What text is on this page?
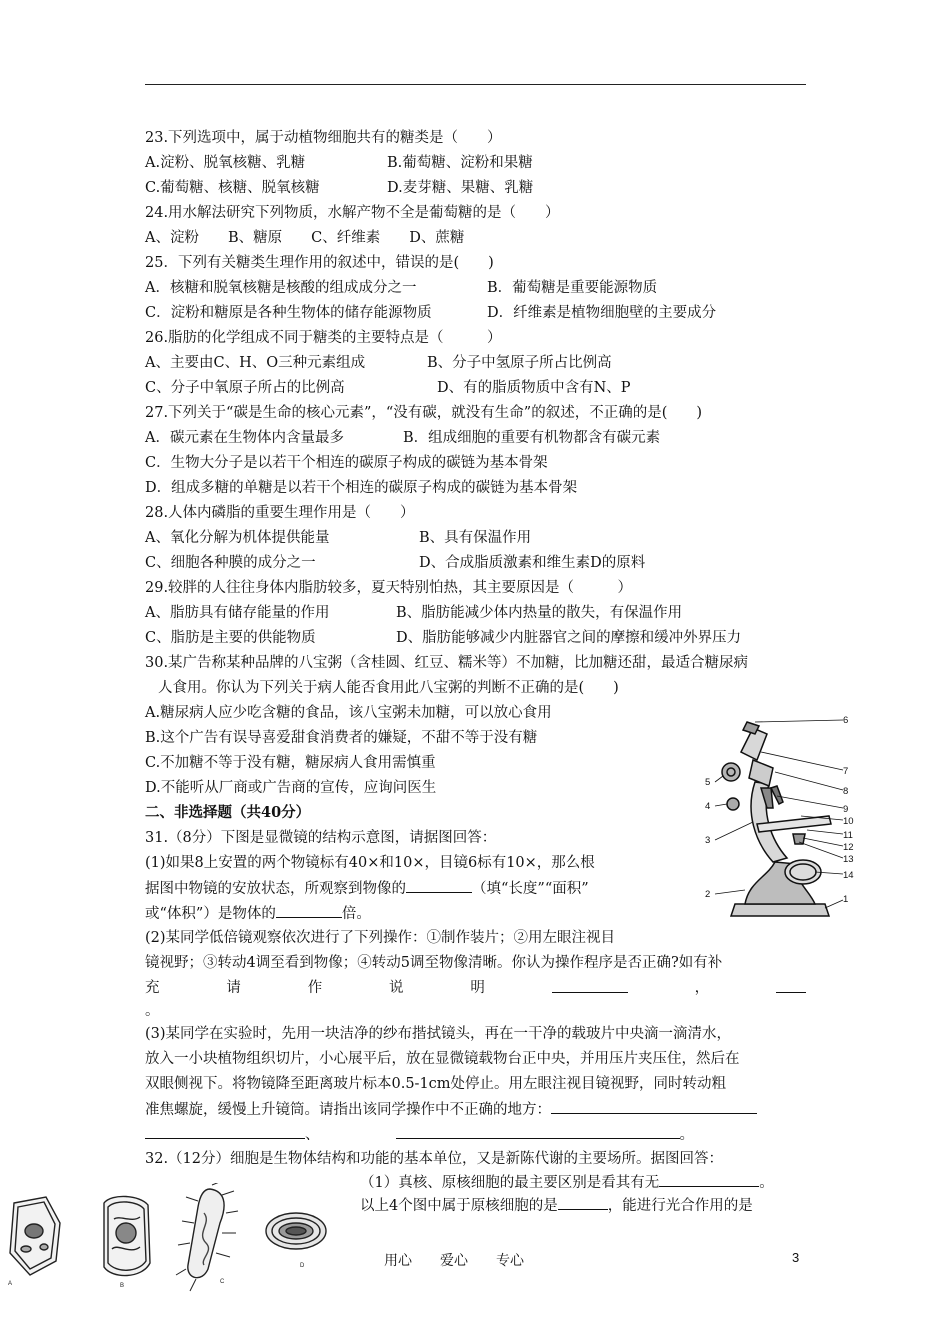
23.下列选项中，属于动植物细胞共有的糖类是（　　）
A.淀粉、脱氧核糖、乳糖	B.葡萄糖、淀粉和果糖
C.葡萄糖、核糖、脱氧核糖	D.麦芽糖、果糖、乳糖
24.用水解法研究下列物质，水解产物不全是葡萄糖的是（　　）
A、淀粉　　B、糖原　　C、纤维素　　D、蔗糖
25．下列有关糖类生理作用的叙述中，错误的是(　　)
A．核糖和脱氧核糖是核酸的组成成分之一	B．葡萄糖是重要能源物质
C．淀粉和糖原是各种生物体的储存能源物质	D．纤维素是植物细胞壁的主要成分
26.脂肪的化学组成不同于糖类的主要特点是（　　　）
A、主要由C、H、O三种元素组成	B、分子中氢原子所占比例高
C、分子中氧原子所占的比例高	D、有的脂质物质中含有N、P
27.下列关于“碳是生命的核心元素”，“没有碳，就没有生命”的叙述，不正确的是(　　)
A．碳元素在生物体内含量最多	B．组成细胞的重要有机物都含有碳元素
C．生物大分子是以若干个相连的碳原子构成的碳链为基本骨架
D．组成多糖的单糖是以若干个相连的碳原子构成的碳链为基本骨架
28.人体内磷脂的重要生理作用是（　　）
A、氧化分解为机体提供能量	B、具有保温作用
C、细胞各种膜的成分之一	D、合成脂质激素和维生素D的原料
29.较胖的人往往身体内脂肪较多，夏天特别怕热，其主要原因是（　　　）
A、脂肪具有储存能量的作用	B、脂肪能减少体内热量的散失，有保温作用
C、脂肪是主要的供能物质	D、脂肪能够减少内脏器官之间的摩擦和缓冲外界压力
30.某广告称某种品牌的八宝粥（含桂圆、红豆、糯米等）不加糖，比加糖还甜，最适合糖尿病
人食用。你认为下列关于病人能否食用此八宝粥的判断不正确的是(　　)
A.糖尿病人应少吃含糖的食品，该八宝粥未加糖，可以放心食用
B.这个广告有误导喜爱甜食消费者的嫌疑，不甜不等于没有糖
C.不加糖不等于没有糖，糖尿病人食用需慎重
D.不能听从厂商或广告商的宣传，应询问医生
二、非选择题（共40分）
31.（8分）下图是显微镜的结构示意图，请据图回答：
(1)如果8上安置的两个物镜标有40×和10×，目镜6标有10×，那么根
据图中物镜的安放状态，所观察到物像的	（填“长度”“面积”
或“体积”）是物体的	倍。
(2)某同学低倍镜观察依次进行了下列操作：①制作装片；②用左眼注视目
镜视野；③转动4调至看到物像；④转动5调至物像清晰。你认为操作程序是否正确?如有补
充	请	作	说	明	，
。
(3)某同学在实验时，先用一块洁净的纱布揩拭镜头，再在一干净的载玻片中央滴一滴清水，
放入一小块植物组织切片，小心展平后，放在显微镜载物台正中央，并用压片夹压住，然后在
双眼侧视下。将物镜降至距离玻片标本0.5-1cm处停止。用左眼注视目镜视野，同时转动粗
准焦螺旋，缓慢上升镜筒。请指出该同学操作中不正确的地方：
、	。
32.（12分）细胞是生物体结构和功能的基本单位，又是新陈代谢的主要场所。据图回答：
（1）真核、原核细胞的最主要区别是看其有无	。
以上4个图中属于原核细胞的是	，能进行光合作用的是
6
7
8
9
10
11
12
13
14
1
5
4
3
2
A	B
C
D	用心　　爱心　　专心	3
